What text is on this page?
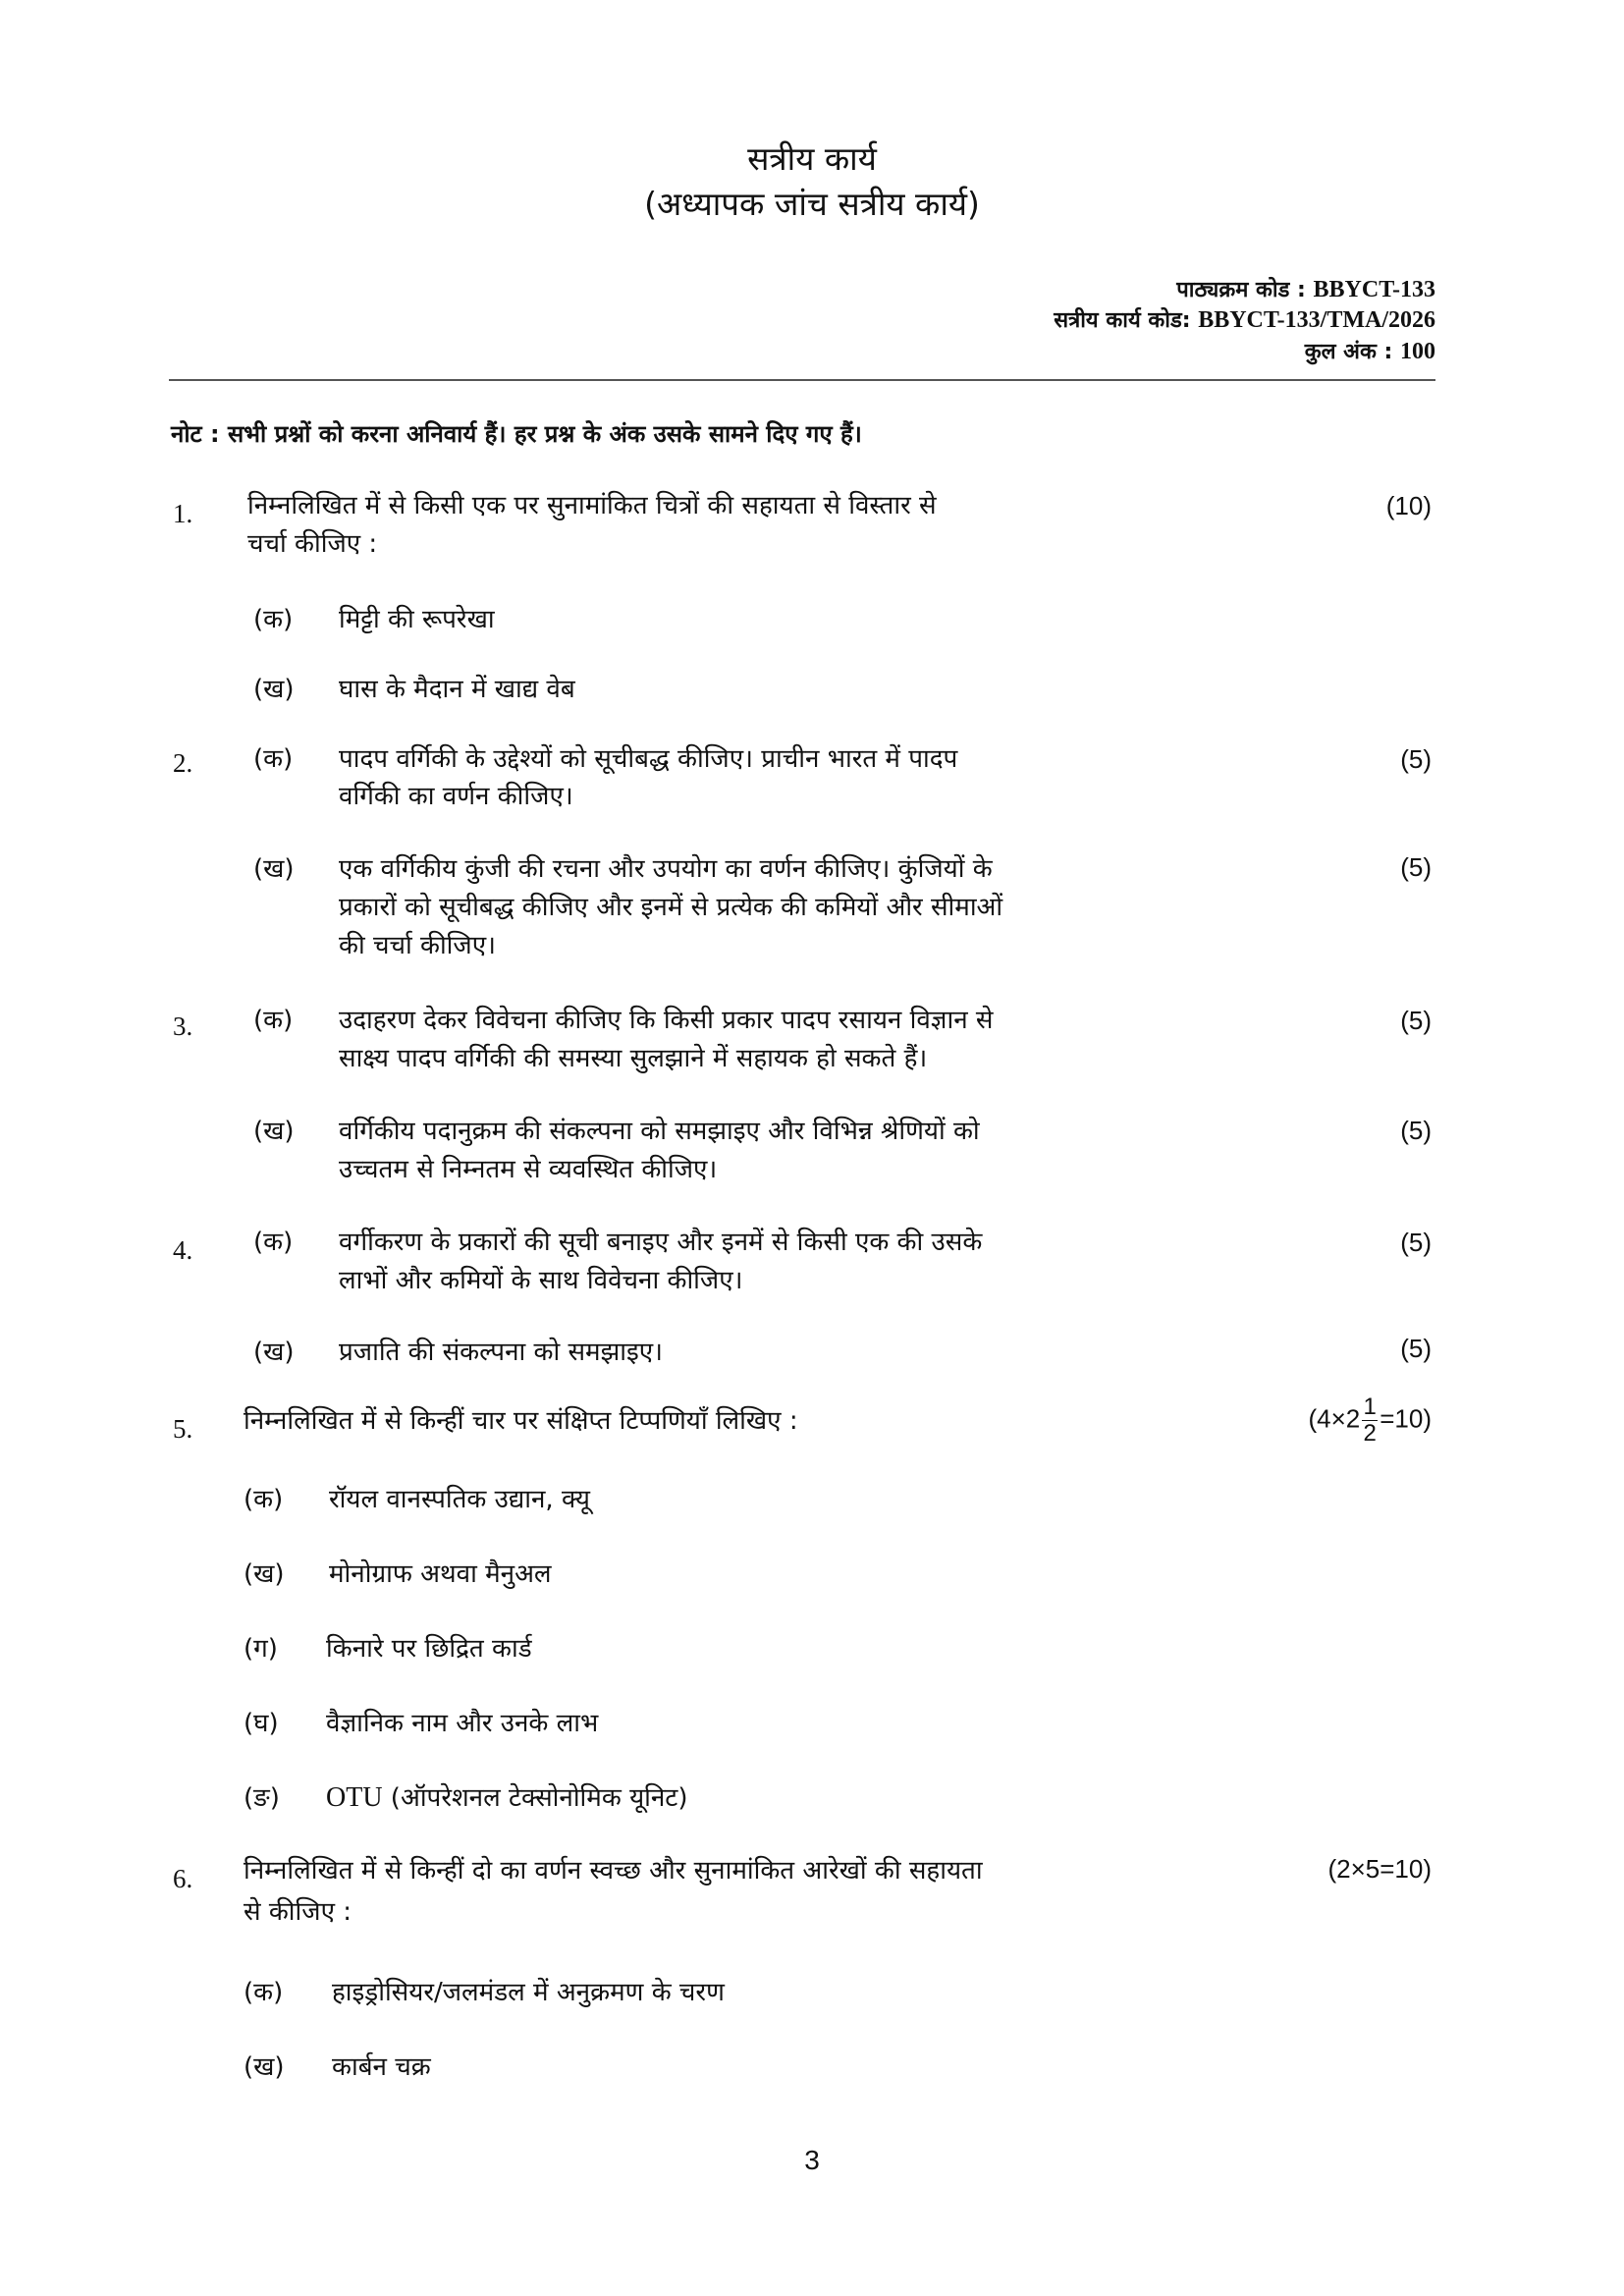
सत्रीय कार्य
(अध्यापक जांच सत्रीय कार्य)
पाठ्यक्रम कोड : BBYCT-133
सत्रीय कार्य कोड: BBYCT-133/TMA/2026
कुल अंक : 100
नोट : सभी प्रश्नों को करना अनिवार्य हैं। हर प्रश्न के अंक उसके सामने दिए गए हैं।
1. निम्नलिखित में से किसी एक पर सुनामांकित चित्रों की सहायता से विस्तार से
चर्चा कीजिए :
(10)
(क) मिट्टी की रूपरेखा
(ख) घास के मैदान में खाद्य वेब
2. (क) पादप वर्गिकी के उद्देश्यों को सूचीबद्ध कीजिए। प्राचीन भारत में पादप
वर्गिकी का वर्णन कीजिए।
(5)
(ख) एक वर्गिकीय कुंजी की रचना और उपयोग का वर्णन कीजिए। कुंजियों के
प्रकारों को सूचीबद्ध कीजिए और इनमें से प्रत्येक की कमियों और सीमाओं
की चर्चा कीजिए।
(5)
3. (क) उदाहरण देकर विवेचना कीजिए कि किसी प्रकार पादप रसायन विज्ञान से
साक्ष्य पादप वर्गिकी की समस्या सुलझाने में सहायक हो सकते हैं।
(5)
(ख) वर्गिकीय पदानुक्रम की संकल्पना को समझाइए और विभिन्न श्रेणियों को
उच्चतम से निम्नतम से व्यवस्थित कीजिए।
(5)
4. (क) वर्गीकरण के प्रकारों की सूची बनाइए और इनमें से किसी एक की उसके
लाभों और कमियों के साथ विवेचना कीजिए।
(5)
(ख) प्रजाति की संकल्पना को समझाइए।	(5)
5. निम्नलिखित में से किन्हीं चार पर संक्षिप्त टिप्पणियाँ लिखिए :	$(4\times 2 \frac{1}{2} =10)$
(क) रॉयल वानस्पतिक उद्यान, क्यू
(ख) मोनोग्राफ अथवा मैनुअल
(ग) किनारे पर छिद्रित कार्ड
(घ) वैज्ञानिक नाम और उनके लाभ
(ङ) OTU (ऑपरेशनल टेक्सोनोमिक यूनिट)
6. निम्नलिखित में से किन्हीं दो का वर्णन स्वच्छ और सुनामांकित आरेखों की सहायता
से कीजिए :
(2×5=10)
(क) हाइड्रोसियर/जलमंडल में अनुक्रमण के चरण
(ख) कार्बन चक्र
3
